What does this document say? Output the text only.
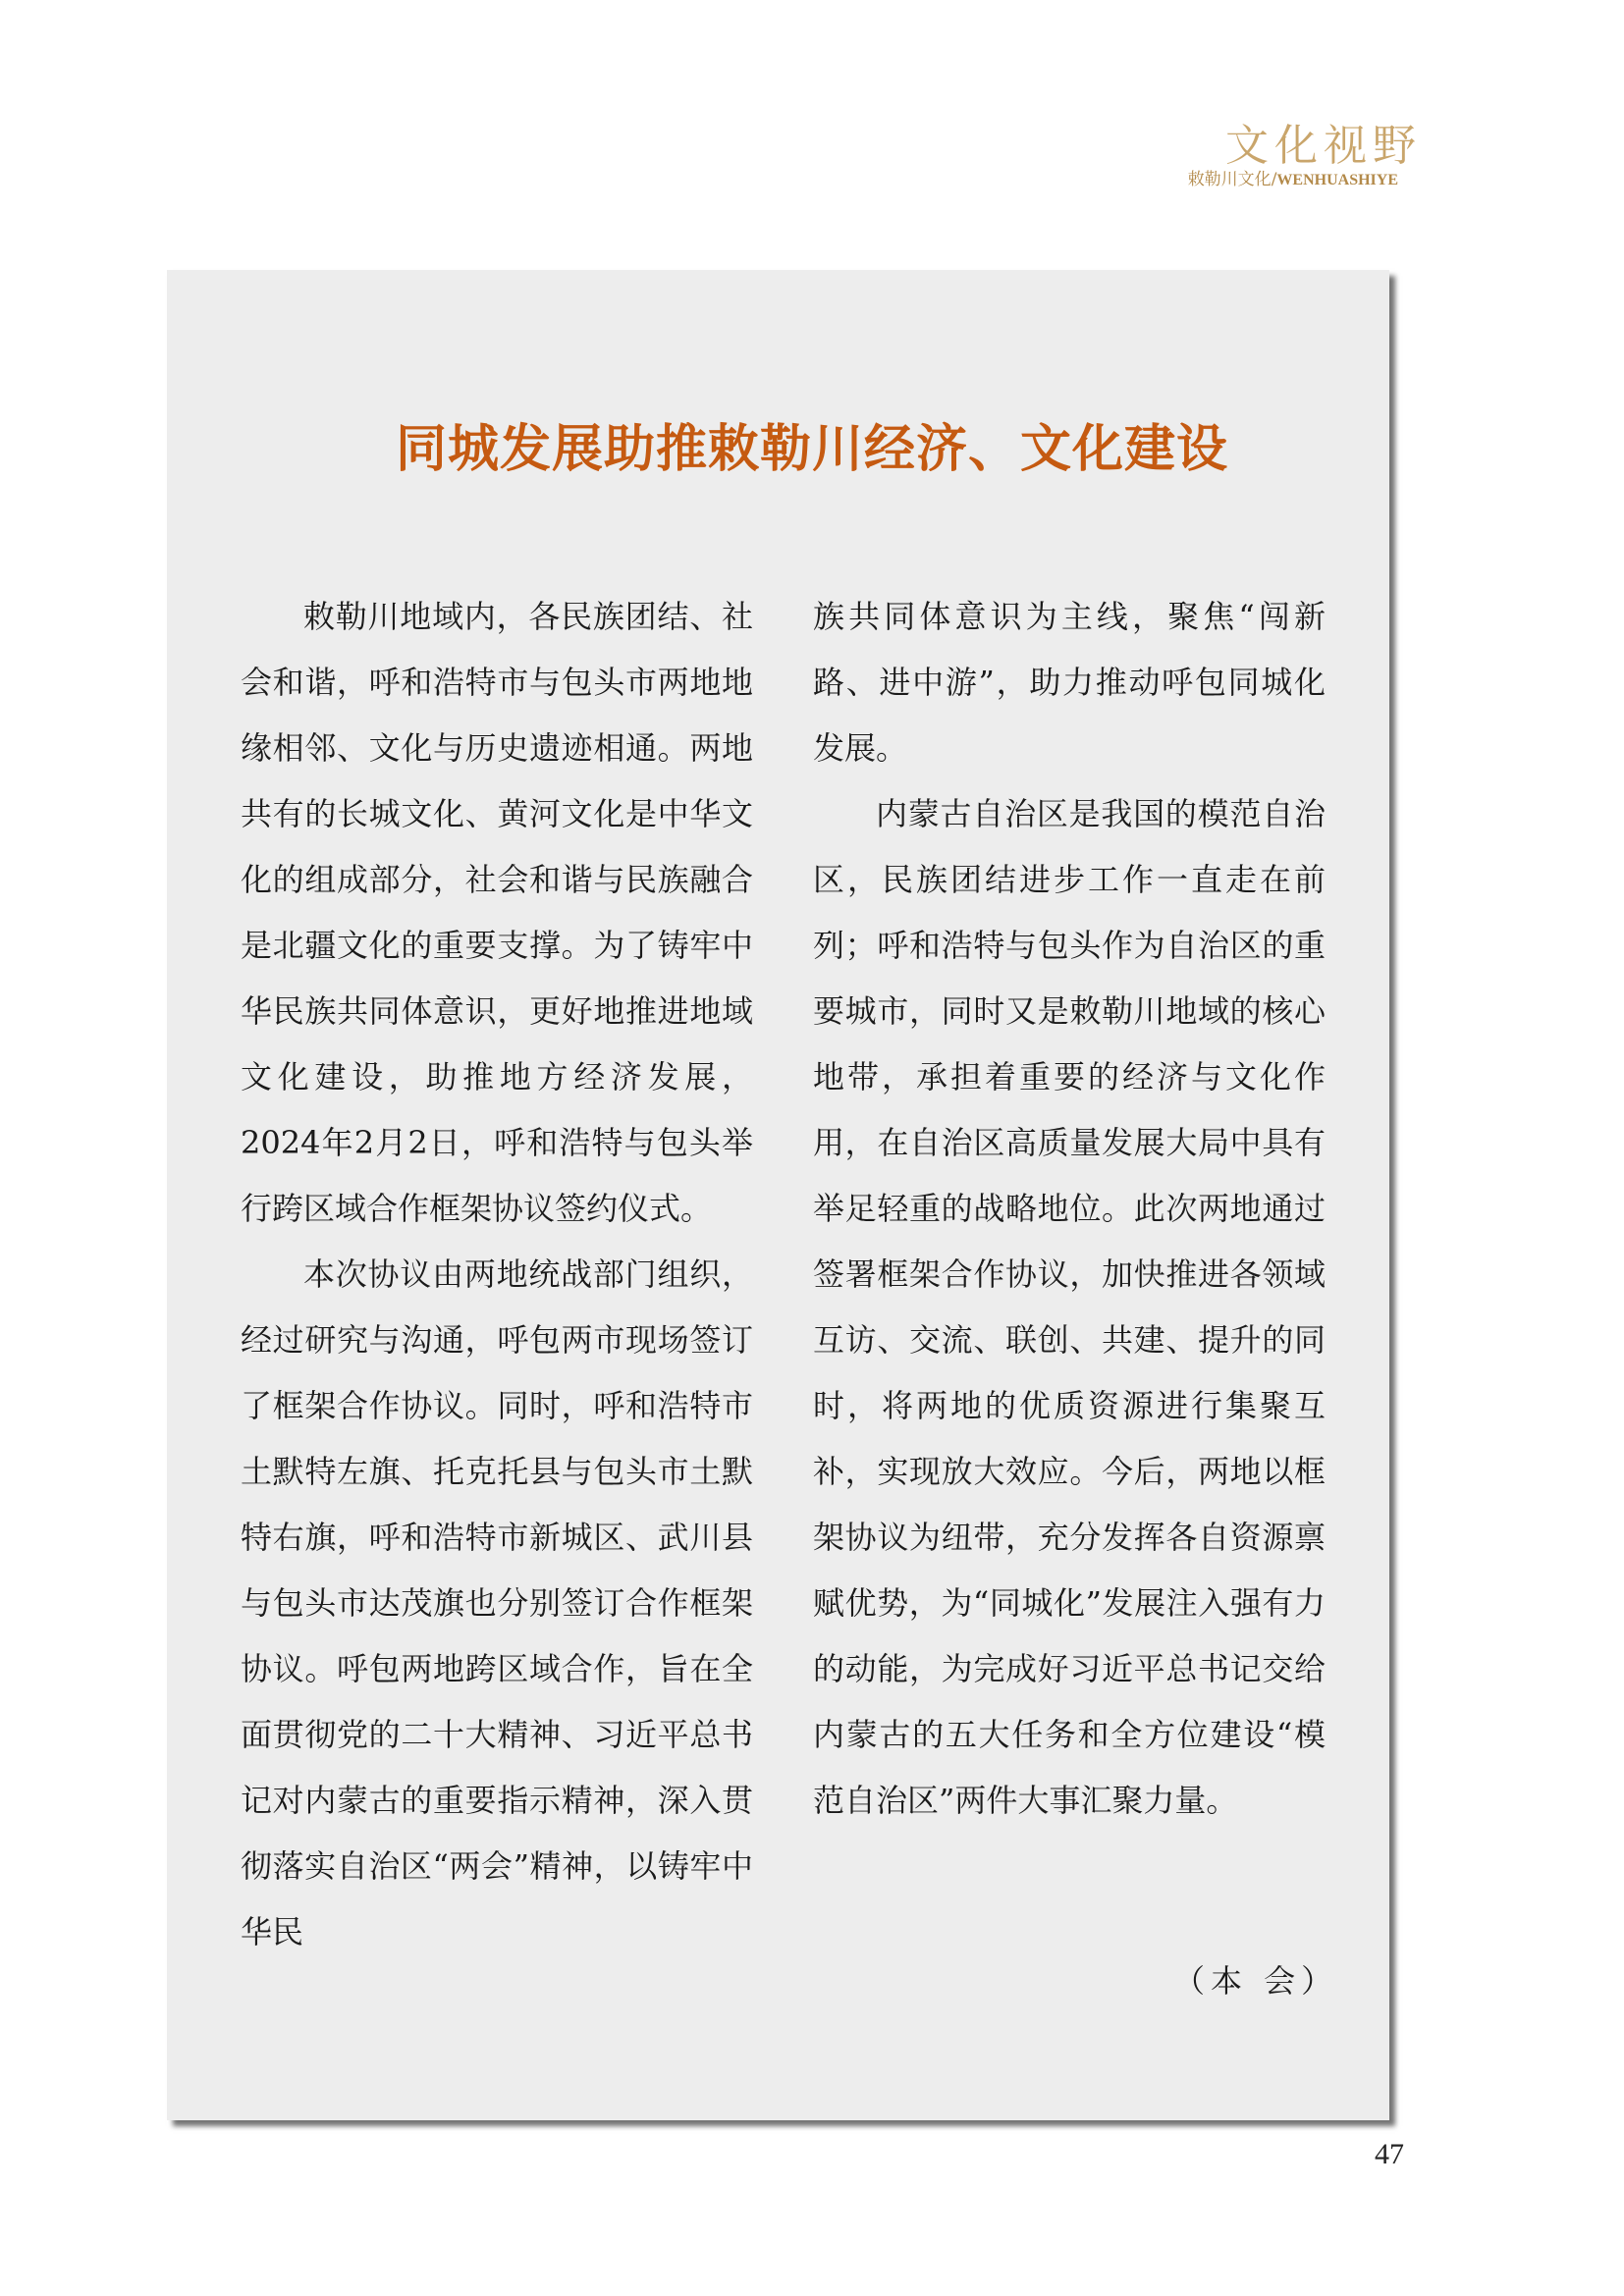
文化视野
敕勒川文化/WENHUASHIYE
同城发展助推敕勒川经济、文化建设

敕勒川地域内，各民族团结、社会和谐，呼和浩特市与包头市两地地缘相邻、文化与历史遗迹相通。两地共有的长城文化、黄河文化是中华文化的组成部分，社会和谐与民族融合是北疆文化的重要支撑。为了铸牢中华民族共同体意识，更好地推进地域文化建设，助推地方经济发展，2024年2月2日，呼和浩特与包头举行跨区域合作框架协议签约仪式。

本次协议由两地统战部门组织，经过研究与沟通，呼包两市现场签订了框架合作协议。同时，呼和浩特市土默特左旗、托克托县与包头市土默特右旗，呼和浩特市新城区、武川县与包头市达茂旗也分别签订合作框架协议。呼包两地跨区域合作，旨在全面贯彻党的二十大精神、习近平总书记对内蒙古的重要指示精神，深入贯彻落实自治区“两会”精神，以铸牢中华民

族共同体意识为主线，聚焦“闯新路、进中游”，助力推动呼包同城化发展。

内蒙古自治区是我国的模范自治区，民族团结进步工作一直走在前列；呼和浩特与包头作为自治区的重要城市，同时又是敕勒川地域的核心地带，承担着重要的经济与文化作用，在自治区高质量发展大局中具有举足轻重的战略地位。此次两地通过签署框架合作协议，加快推进各领域互访、交流、联创、共建、提升的同时，将两地的优质资源进行集聚互补，实现放大效应。今后，两地以框架协议为纽带，充分发挥各自资源禀赋优势，为“同城化”发展注入强有力的动能，为完成好习近平总书记交给内蒙古的五大任务和全方位建设“模范自治区”两件大事汇聚力量。

（本 会）
47
